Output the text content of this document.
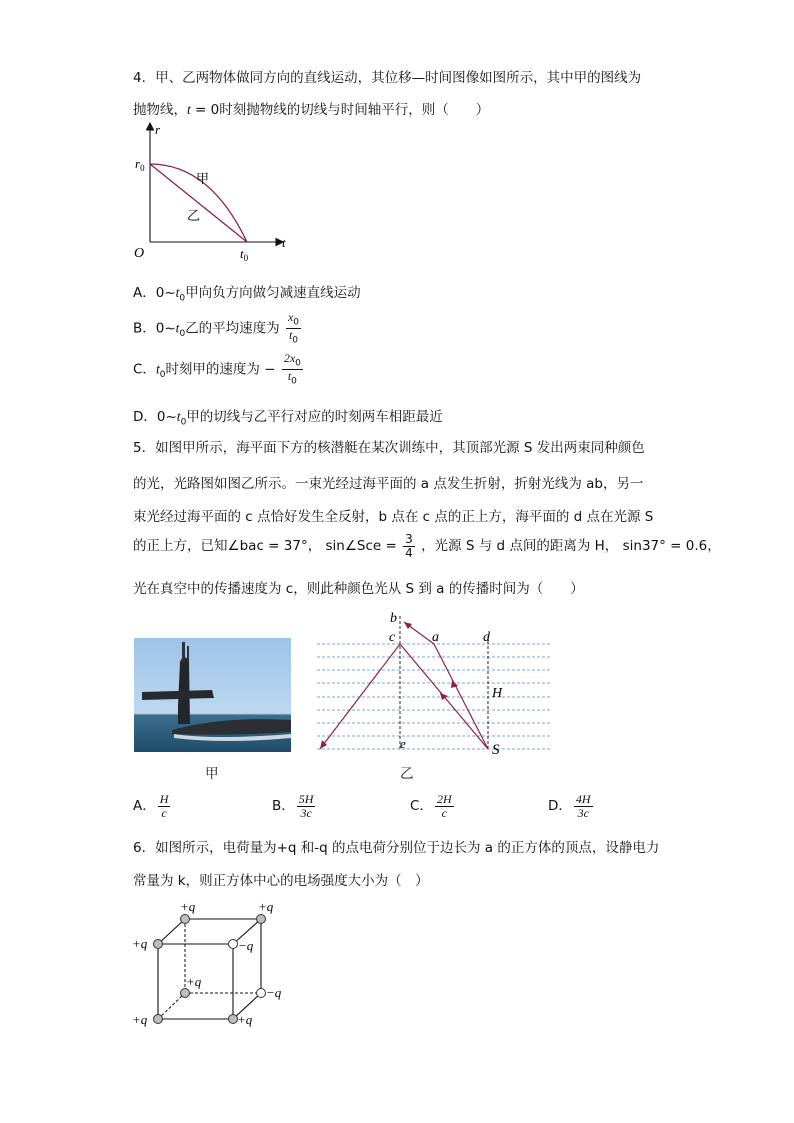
4．甲、乙两物体做同方向的直线运动，其位移—时间图像如图所示，其中甲的图线为
抛物线，t = 0时刻抛物线的切线与时间轴平行，则（　　）
r
t
O
$r_0$
$t_0$
甲
乙
A．$0\sim t_0$甲向负方向做匀减速直线运动
B．$0\sim t_0$乙的平均速度为 $\frac{x_0}{t_0}$
C．$t_0$时刻甲的速度为 − $\frac{2x_0}{t_0}$
D．$0\sim t_0$甲的切线与乙平行对应的时刻两车相距最近
5．如图甲所示，海平面下方的核潜艇在某次训练中，其顶部光源 S 发出两束同种颜色
的光，光路图如图乙所示。一束光经过海平面的 a 点发生折射，折射光线为 ab，另一
束光经过海平面的 c 点恰好发生全反射，b 点在 c 点的正上方，海平面的 d 点在光源 S
的正上方，已知∠bac = 37°， sin∠Sce = $\frac{3}{4}$ ，光源 S 与 d 点间的距离为 H， sin37° = 0.6，
光在真空中的传播速度为 c，则此种颜色光从 S 到 a 的传播时间为（　　）
甲
b
c	a	d
H
e	S
乙
A． $\frac{H}{c}$	B． $\frac{5H}{3c}$	C． $\frac{2H}{c}$	D． $\frac{4H}{3c}$
6．如图所示，电荷量为+q 和-q 的点电荷分别位于边长为 a 的正方体的顶点，设静电力
常量为 k，则正方体中心的电场强度大小为（　）
+q	+q
+q	−q
+q
−q
+q	+q
